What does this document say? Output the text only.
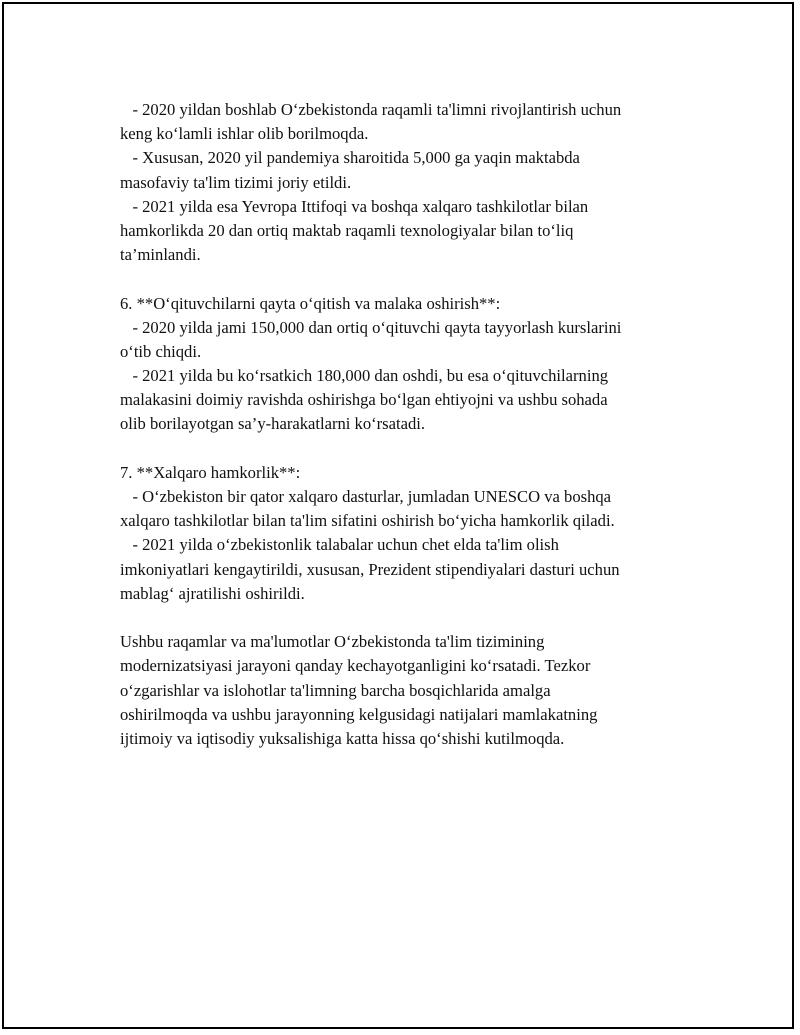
- 2020 yildan boshlab O‘zbekistonda raqamli ta'limni rivojlantirish uchun
keng ko‘lamli ishlar olib borilmoqda.
- Xususan, 2020 yil pandemiya sharoitida 5,000 ga yaqin maktabda
masofaviy ta'lim tizimi joriy etildi.
- 2021 yilda esa Yevropa Ittifoqi va boshqa xalqaro tashkilotlar bilan
hamkorlikda 20 dan ortiq maktab raqamli texnologiyalar bilan to‘liq
ta’minlandi.
6. **O‘qituvchilarni qayta o‘qitish va malaka oshirish**:
- 2020 yilda jami 150,000 dan ortiq o‘qituvchi qayta tayyorlash kurslarini
o‘tib chiqdi.
- 2021 yilda bu ko‘rsatkich 180,000 dan oshdi, bu esa o‘qituvchilarning
malakasini doimiy ravishda oshirishga bo‘lgan ehtiyojni va ushbu sohada
olib borilayotgan sa’y-harakatlarni ko‘rsatadi.
7. **Xalqaro hamkorlik**:
- O‘zbekiston bir qator xalqaro dasturlar, jumladan UNESCO va boshqa
xalqaro tashkilotlar bilan ta'lim sifatini oshirish bo‘yicha hamkorlik qiladi.
- 2021 yilda o‘zbekistonlik talabalar uchun chet elda ta'lim olish
imkoniyatlari kengaytirildi, xususan, Prezident stipendiyalari dasturi uchun
mablag‘ ajratilishi oshirildi.
Ushbu raqamlar va ma'lumotlar O‘zbekistonda ta'lim tizimining
modernizatsiyasi jarayoni qanday kechayotganligini ko‘rsatadi. Tezkor
o‘zgarishlar va islohotlar ta'limning barcha bosqichlarida amalga
oshirilmoqda va ushbu jarayonning kelgusidagi natijalari mamlakatning
ijtimoiy va iqtisodiy yuksalishiga katta hissa qo‘shishi kutilmoqda.
